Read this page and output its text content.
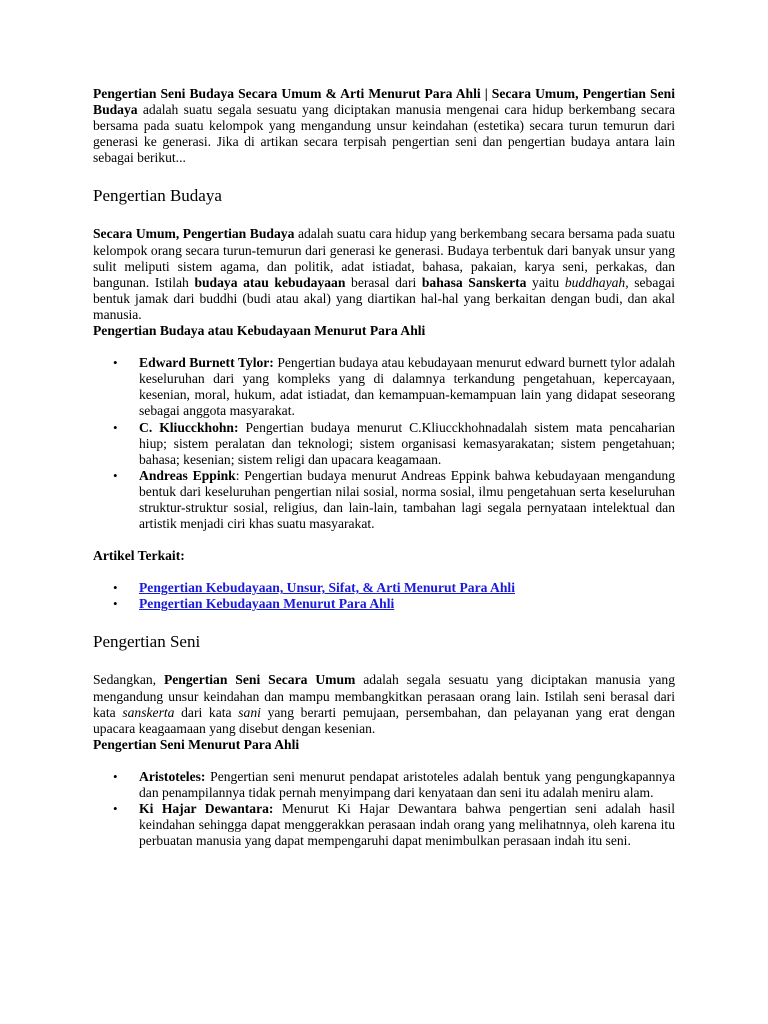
Pengertian Seni Budaya Secara Umum & Arti Menurut Para Ahli | Secara Umum, Pengertian Seni Budaya adalah suatu segala sesuatu yang diciptakan manusia mengenai cara hidup berkembang secara bersama pada suatu kelompok yang mengandung unsur keindahan (estetika) secara turun temurun dari generasi ke generasi. Jika di artikan secara terpisah pengertian seni dan pengertian budaya antara lain sebagai berikut...

Pengertian Budaya

Secara Umum, Pengertian Budaya adalah suatu cara hidup yang berkembang secara bersama pada suatu kelompok orang secara turun-temurun dari generasi ke generasi. Budaya terbentuk dari banyak unsur yang sulit meliputi sistem agama, dan politik, adat istiadat, bahasa, pakaian, karya seni, perkakas, dan bangunan. Istilah budaya atau kebudayaan berasal dari bahasa Sanskerta yaitu buddhayah, sebagai bentuk jamak dari buddhi (budi atau akal) yang diartikan hal-hal yang berkaitan dengan budi, dan akal manusia.

Pengertian Budaya atau Kebudayaan Menurut Para Ahli

• Edward Burnett Tylor: Pengertian budaya atau kebudayaan menurut edward burnett tylor adalah keseluruhan dari yang kompleks yang di dalamnya terkandung pengetahuan, kepercayaan, kesenian, moral, hukum, adat istiadat, dan kemampuan-kemampuan lain yang didapat seseorang sebagai anggota masyarakat.
• C. Kliucckhohn: Pengertian budaya menurut C.Kliucckhohnadalah sistem mata pencaharian hiup; sistem peralatan dan teknologi; sistem organisasi kemasyarakatan; sistem pengetahuan; bahasa; kesenian; sistem religi dan upacara keagamaan.
• Andreas Eppink: Pengertian budaya menurut Andreas Eppink bahwa kebudayaan mengandung bentuk dari keseluruhan pengertian nilai sosial, norma sosial, ilmu pengetahuan serta keseluruhan struktur-struktur sosial, religius, dan lain-lain, tambahan lagi segala pernyataan intelektual dan artistik menjadi ciri khas suatu masyarakat.

Artikel Terkait:

• Pengertian Kebudayaan, Unsur, Sifat, & Arti Menurut Para Ahli
• Pengertian Kebudayaan Menurut Para Ahli
Pengertian Seni

Sedangkan, Pengertian Seni Secara Umum adalah segala sesuatu yang diciptakan manusia yang mengandung unsur keindahan dan mampu membangkitkan perasaan orang lain. Istilah seni berasal dari kata sanskerta dari kata sani yang berarti pemujaan, persembahan, dan pelayanan yang erat dengan upacara keagaamaan yang disebut dengan kesenian.

Pengertian Seni Menurut Para Ahli

• Aristoteles: Pengertian seni menurut pendapat aristoteles adalah bentuk yang pengungkapannya dan penampilannya tidak pernah menyimpang dari kenyataan dan seni itu adalah meniru alam.
• Ki Hajar Dewantara: Menurut Ki Hajar Dewantara bahwa pengertian seni adalah hasil keindahan sehingga dapat menggerakkan perasaan indah orang yang melihatnnya, oleh karena itu perbuatan manusia yang dapat mempengaruhi dapat menimbulkan perasaan indah itu seni.
